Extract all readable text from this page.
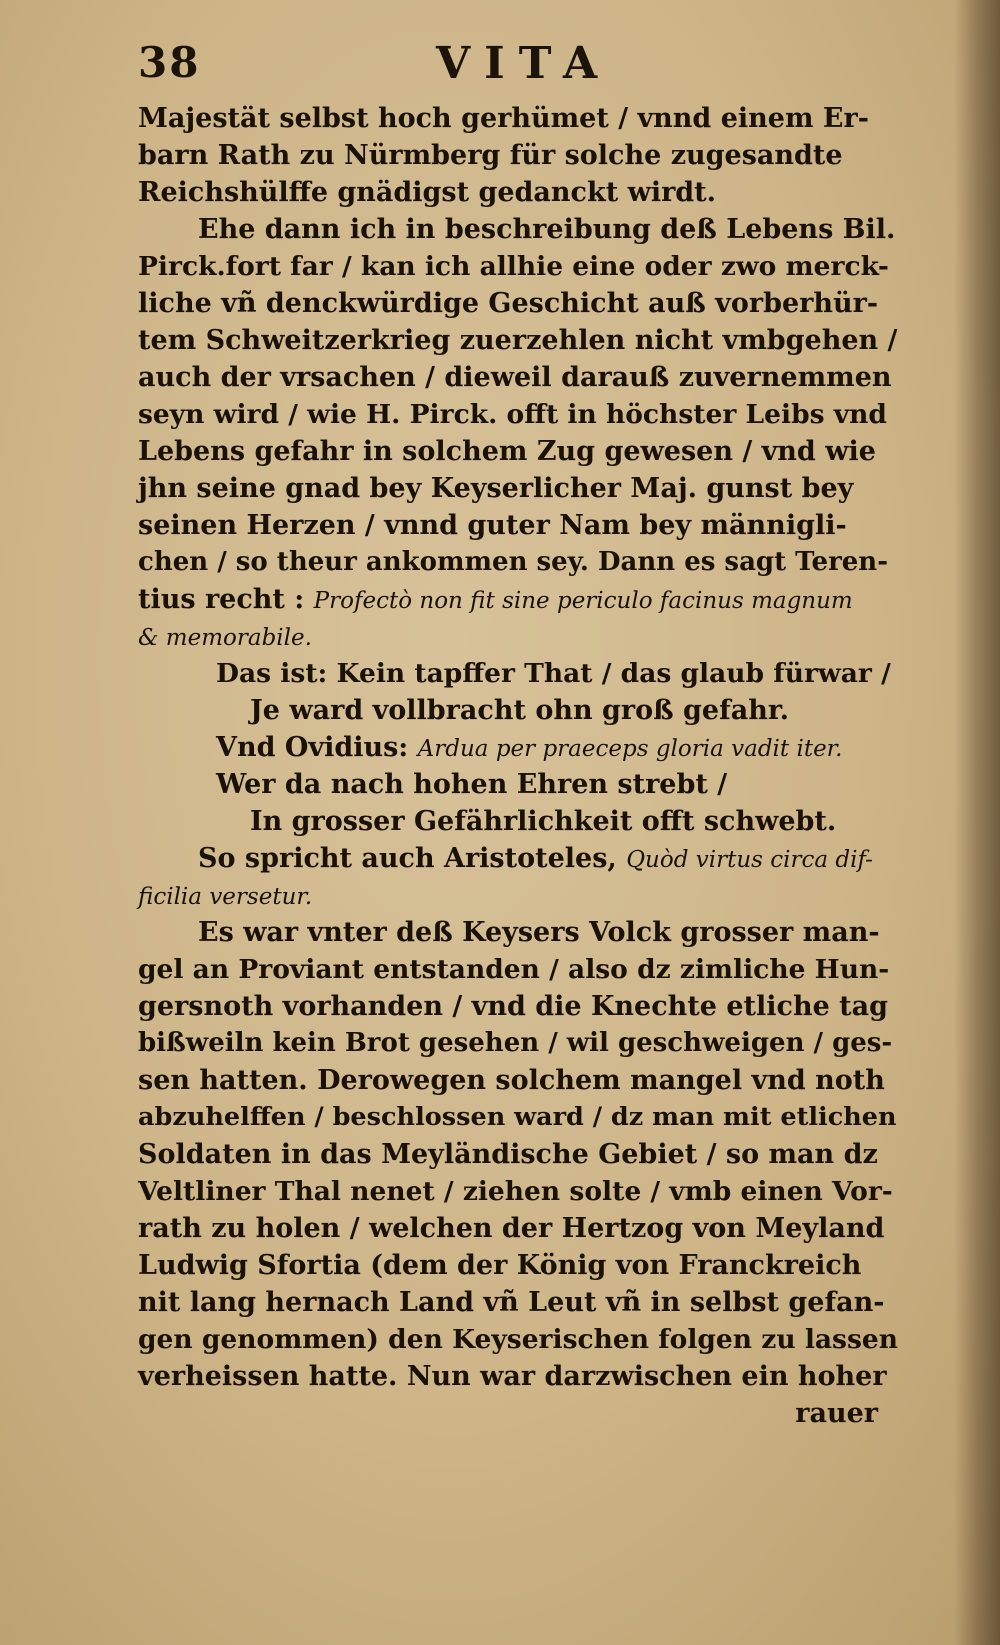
38	VITA
Majestät selbst hoch gerhümet / vnnd einem Er-
barn Rath zu Nürmberg für solche zugesandte
Reichshülffe gnädigst gedanckt wirdt.
Ehe dann ich in beschreibung deß Lebens Bil.
Pirck.fort far / kan ich allhie eine oder zwo merck-
liche vñ denckwürdige Geschicht auß vorberhür-
tem Schweitzerkrieg zuerzehlen nicht vmbgehen /
auch der vrsachen / dieweil darauß zuvernemmen
seyn wird / wie H. Pirck. offt in höchster Leibs vnd
Lebens gefahr in solchem Zug gewesen / vnd wie
jhn seine gnad bey Keyserlicher Maj. gunst bey
seinen Herzen / vnnd guter Nam bey männigli-
chen / so theur ankommen sey. Dann es sagt Teren-
tius recht : Profectò non fit sine periculo facinus magnum
& memorabile.
Das ist: Kein tapffer That / das glaub fürwar /
Je ward vollbracht ohn groß gefahr.
Vnd Ovidius: Ardua per praeceps gloria vadit iter.
Wer da nach hohen Ehren strebt /
In grosser Gefährlichkeit offt schwebt.
So spricht auch Aristoteles, Quòd virtus circa dif-
ficilia versetur.
Es war vnter deß Keysers Volck grosser man-
gel an Proviant entstanden / also dz zimliche Hun-
gersnoth vorhanden / vnd die Knechte etliche tag
bißweiln kein Brot gesehen / wil geschweigen / ges-
sen hatten. Derowegen solchem mangel vnd noth
abzuhelffen / beschlossen ward / dz man mit etlichen
Soldaten in das Meyländische Gebiet / so man dz
Veltliner Thal nenet / ziehen solte / vmb einen Vor-
rath zu holen / welchen der Hertzog von Meyland
Ludwig Sfortia (dem der König von Franckreich
nit lang hernach Land vñ Leut vñ in selbst gefan-
gen genommen) den Keyserischen folgen zu lassen
verheissen hatte. Nun war darzwischen ein hoher
rauer
